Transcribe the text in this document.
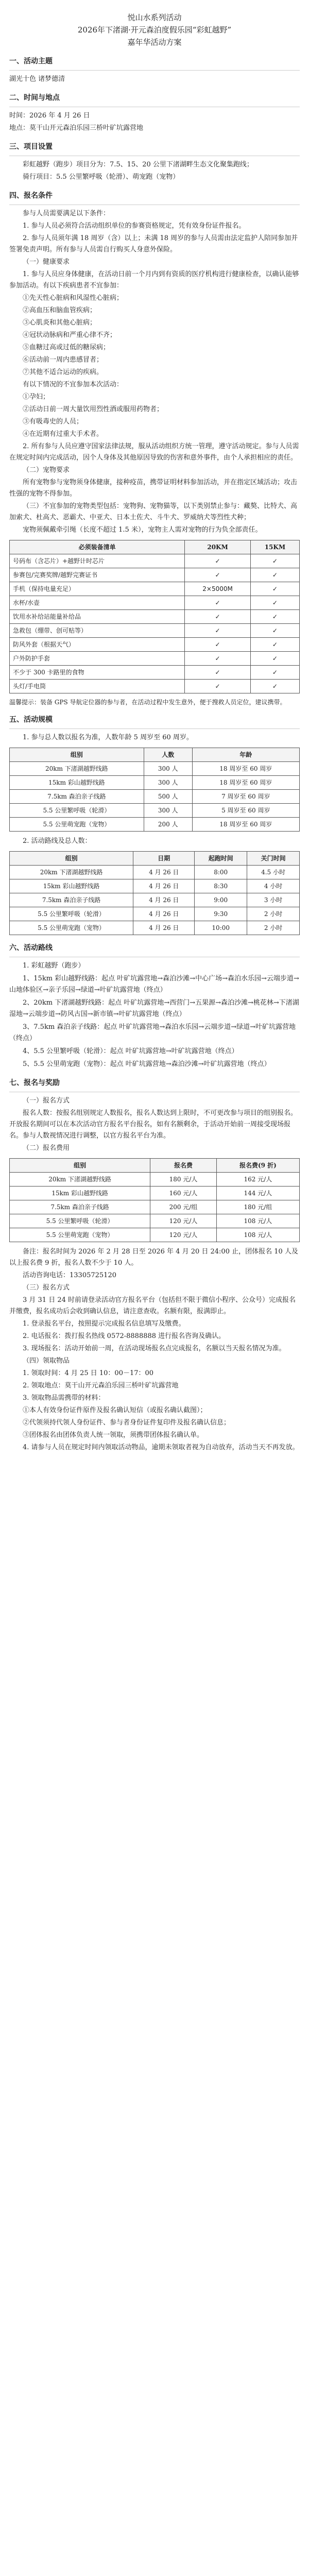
悦山水系列活动
2026年下渚湖·开元森泊度假乐园“彩虹越野”
嘉年华活动方案
一、活动主题
湖光十色 诸梦德清
二、时间与地点
时间：2026 年 4 月 26 日
地点：莫干山开元森泊乐园三桥叶矿坑露营地
三、项目设置
彩虹越野（跑步）项目分为：7.5、15、20 公里下渚湖畔生态文化聚集跑线；
骑行项目：5.5 公里繁呼吸（轮滑）、萌宠跑（宠物）
四、报名条件
参与人员需要满足以下条件：
1. 参与人员必须符合活动组织单位的参赛资格规定，凭有效身份证件报名。
2. 参与人员须年满 18 周岁（含）以上；未满 18 周岁的参与人员需由法定监护人陪同参加并签署免责声明。所有参与人员需自行购买人身意外保险。
（一）健康要求
1. 参与人员应身体健康，在活动日前一个月内到有资质的医疗机构进行健康检查，以确认能够参加活动。有以下疾病患者不宜参加：
①先天性心脏病和风湿性心脏病；
②高血压和脑血管疾病；
③心肌炎和其他心脏病；
④冠状动脉病和严重心律不齐；
⑤血糖过高或过低的糖尿病；
⑥活动前一周内患感冒者；
⑦其他不适合运动的疾病。
有以下情况的不宜参加本次活动：
①孕妇；
②活动日前一周大量饮用烈性酒或服用药物者；
③有吸毒史的人员；
④在近期有过重大手术者。
2. 所有参与人员应遵守国家法律法规，服从活动组织方统一管理，遵守活动规定。参与人员需在规定时间内完成活动，因个人身体及其他原因导致的伤害和意外事件，由个人承担相应的责任。
（二）宠物要求
所有宠物参与宠物须身体健康，接种疫苗，携带证明材料参加活动，并在指定区域活动；攻击性强的宠物不得参加。
（三）不宜参加的宠物类型包括：宠物狗、宠物猫等，以下类别禁止参与：藏獒、比特犬、高加索犬、杜高犬、恶霸犬、中亚犬、日本土佐犬、斗牛犬、罗威纳犬等烈性犬种；
宠物须佩戴牵引绳（长度不超过 1.5 米），宠物主人需对宠物的行为负全部责任。
必须装备清单	20KM	15KM
号码布（含芯片）+越野计时芯片	✓	✓
参赛包/完赛奖牌/越野完赛证书	✓	✓
手机（保持电量充足）	2×5000M	✓
水杯/水壶	✓	✓
饮用水补给站能量补给品	✓	✓
急救包（绷带、创可贴等）	✓	✓
防风外套（根据天气）	✓	✓
户外防护手套	✓	✓
不少于 300 卡路里的食物	✓	✓
头灯/手电筒	✓	✓
温馨提示：装备 GPS 导航定位器的参与者，在活动过程中发生意外，便于搜救人员定位，建议携带。
五、活动规模
1. 参与总人数以报名为准，人数年龄 5 周岁至 60 周岁。
组别	人数	年龄
20km 下渚湖越野线路	300 人	18 周岁至 60 周岁
15km 彩山越野线路	300 人	18 周岁至 60 周岁
7.5km 森泊亲子线路	500 人	7 周岁至 60 周岁
5.5 公里繁呼吸（轮滑）	300 人	5 周岁至 60 周岁
5.5 公里萌宠跑（宠物）	200 人	18 周岁至 60 周岁
2. 活动路线及总人数：
组别	日期	起跑时间	关门时间
20km 下渚湖越野线路	4 月 26 日	8:00	4.5 小时
15km 彩山越野线路	4 月 26 日	8:30	4 小时
7.5km 森泊亲子线路	4 月 26 日	9:00	3 小时
5.5 公里繁呼吸（轮滑）	4 月 26 日	9:30	2 小时
5.5 公里萌宠跑（宠物）	4 月 26 日	10:00	2 小时
六、活动路线
1. 彩虹越野（跑步）
1、15km 彩山越野线路：起点 叶矿坑露营地→森泊沙滩→中心广场→森泊水乐园→云端步道→山地体验区→亲子乐园→绿道→叶矿坑露营地（终点）
2、20km 下渚湖越野线路：起点 叶矿坑露营地→西营门→五果源→森泊沙滩→桃花林→下渚湖湿地→云端步道→防风古国→新市镇→叶矿坑露营地（终点）
3、7.5km 森泊亲子线路：起点 叶矿坑露营地→森泊水乐园→云端步道→绿道→叶矿坑露营地（终点）
4、5.5 公里繁呼吸（轮滑）：起点 叶矿坑露营地→叶矿坑露营地（终点）
5、5.5 公里萌宠跑（宠物）：起点 叶矿坑露营地→森泊沙滩→叶矿坑露营地（终点）
七、报名与奖励
（一）报名方式
报名人数：按报名组别规定人数报名，报名人数达到上限时，不可更改参与项目的组别报名。开放报名期间可以在本次活动官方报名平台报名，如有名额剩余，于活动开始前一周接受现场报名。参与人数视情况进行调整，以官方报名平台为准。
（二）报名费用
组别	报名费	报名费(9 折)
20km 下渚湖越野线路	180 元/人	162 元/人
15km 彩山越野线路	160 元/人	144 元/人
7.5km 森泊亲子线路	200 元/组	180 元/组
5.5 公里繁呼吸（轮滑）	120 元/人	108 元/人
5.5 公里萌宠跑（宠物）	120 元/人	108 元/人
备注：报名时间为 2026 年 2 月 28 日至 2026 年 4 月 20 日 24:00 止，团体报名 10 人及以上报名费 9 折，报名人数不少于 10 人。
活动咨询电话：13305725120
（三）报名方式
3 月 31 日 24 时前请登录活动官方报名平台（包括但不限于微信小程序、公众号）完成报名并缴费，报名成功后会收到确认信息，请注意查收。名额有限，报满即止。
1. 登录报名平台，按照提示完成报名信息填写及缴费。
2. 电话报名：拨打报名热线 0572-8888888 进行报名咨询及确认。
3. 现场报名：活动开始前一周，在活动现场报名点完成报名，名额以当天报名情况为准。
（四）领取物品
1. 领取时间：4 月 25 日 10：00－17：00
2. 领取地点：莫干山开元森泊乐园三桥叶矿坑露营地
3. 领取物品需携带的材料：
①本人有效身份证件原件及报名确认短信（或报名确认截图）；
②代领须持代领人身份证件、参与者身份证件复印件及报名确认信息；
③团体报名由团体负责人统一领取，须携带团体报名确认单。
4. 请参与人员在规定时间内领取活动物品，逾期未领取者视为自动放弃，活动当天不再发放。
